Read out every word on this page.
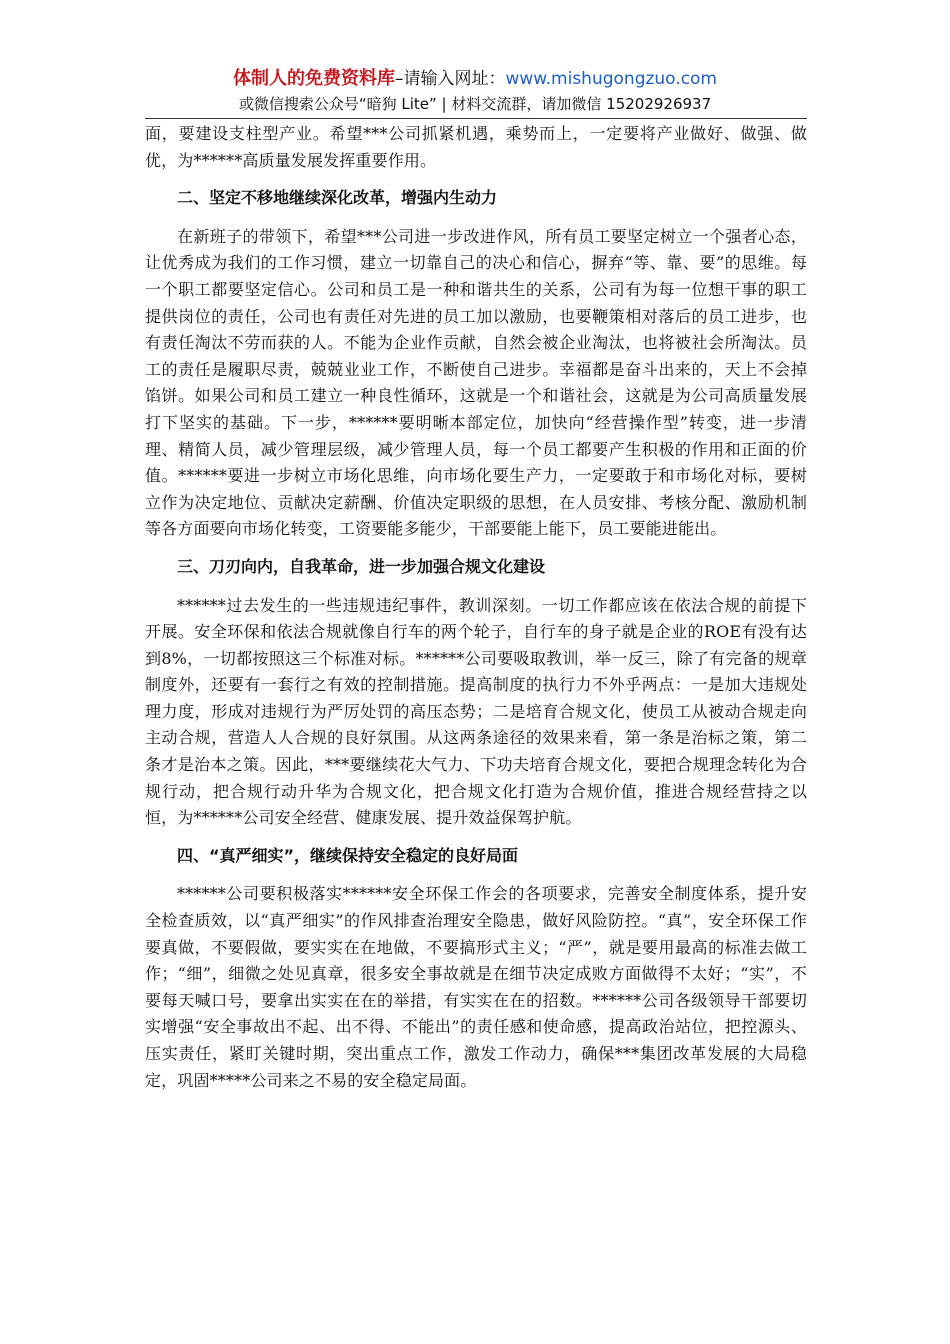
体制人的免费资料库–请输入网址：www.mishugongzuo.com
或微信搜索公众号“暗狗 Lite” | 材料交流群，请加微信 15202926937

面，要建设支柱型产业。希望***公司抓紧机遇，乘势而上，一定要将产业做好、做强、做优，为******高质量发展发挥重要作用。

二、坚定不移地继续深化改革，增强内生动力

在新班子的带领下，希望***公司进一步改进作风，所有员工要坚定树立一个强者心态，让优秀成为我们的工作习惯，建立一切靠自己的决心和信心，摒弃“等、靠、要”的思维。每一个职工都要坚定信心。公司和员工是一种和谐共生的关系，公司有为每一位想干事的职工提供岗位的责任，公司也有责任对先进的员工加以激励，也要鞭策相对落后的员工进步，也有责任淘汰不劳而获的人。不能为企业作贡献，自然会被企业淘汰，也将被社会所淘汰。员工的责任是履职尽责，兢兢业业工作，不断使自己进步。幸福都是奋斗出来的，天上不会掉馅饼。如果公司和员工建立一种良性循环，这就是一个和谐社会，这就是为公司高质量发展打下坚实的基础。下一步，******要明晰本部定位，加快向“经营操作型”转变，进一步清理、精简人员，减少管理层级，减少管理人员，每一个员工都要产生积极的作用和正面的价值。******要进一步树立市场化思维，向市场化要生产力，一定要敢于和市场化对标，要树立作为决定地位、贡献决定薪酬、价值决定职级的思想，在人员安排、考核分配、激励机制等各方面要向市场化转变，工资要能多能少，干部要能上能下，员工要能进能出。

三、刀刃向内，自我革命，进一步加强合规文化建设

******过去发生的一些违规违纪事件，教训深刻。一切工作都应该在依法合规的前提下开展。安全环保和依法合规就像自行车的两个轮子，自行车的身子就是企业的ROE有没有达到8%，一切都按照这三个标准对标。******公司要吸取教训，举一反三，除了有完备的规章制度外，还要有一套行之有效的控制措施。提高制度的执行力不外乎两点：一是加大违规处理力度，形成对违规行为严厉处罚的高压态势；二是培育合规文化，使员工从被动合规走向主动合规，营造人人合规的良好氛围。从这两条途径的效果来看，第一条是治标之策，第二条才是治本之策。因此，***要继续花大气力、下功夫培育合规文化，要把合规理念转化为合规行动，把合规行动升华为合规文化，把合规文化打造为合规价值，推进合规经营持之以恒，为******公司安全经营、健康发展、提升效益保驾护航。

四、“真严细实”，继续保持安全稳定的良好局面

******公司要积极落实******安全环保工作会的各项要求，完善安全制度体系，提升安全检查质效，以“真严细实”的作风排查治理安全隐患，做好风险防控。“真”，安全环保工作要真做，不要假做，要实实在在地做，不要搞形式主义；“严”，就是要用最高的标准去做工作；“细”，细微之处见真章，很多安全事故就是在细节决定成败方面做得不太好；“实”，不要每天喊口号，要拿出实实在在的举措，有实实在在的招数。******公司各级领导干部要切实增强“安全事故出不起、出不得、不能出”的责任感和使命感，提高政治站位，把控源头、压实责任，紧盯关键时期，突出重点工作，激发工作动力，确保***集团改革发展的大局稳定，巩固*****公司来之不易的安全稳定局面。
